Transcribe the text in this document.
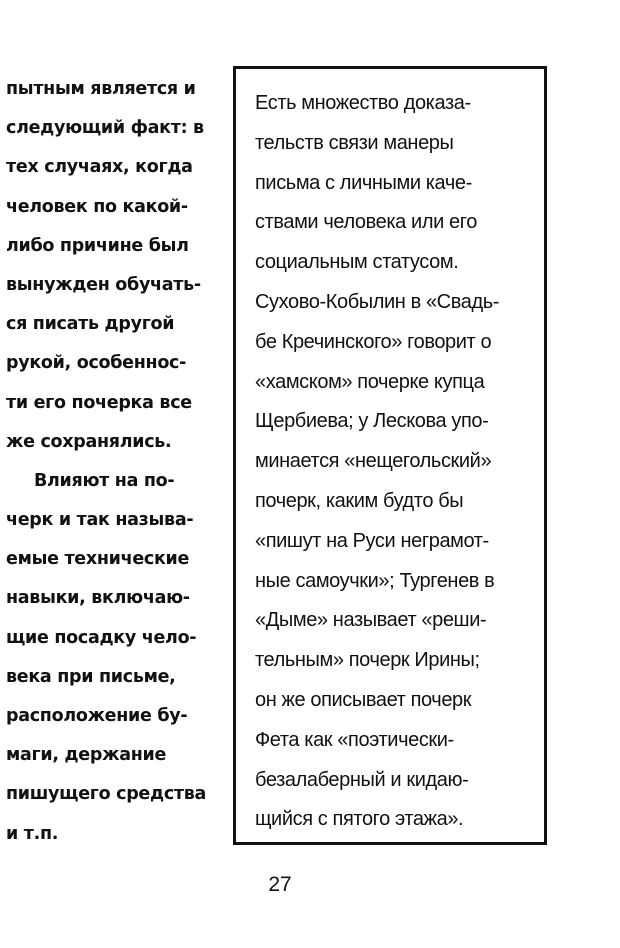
пытным является и
следующий факт: в
тех случаях, когда
человек по какой-
либо причине был
вынужден обучать-
ся писать другой
рукой, особеннос-
ти его почерка все
же сохранялись.
Влияют на по-
черк и так называ-
емые технические
навыки, включаю-
щие посадку чело-
века при письме,
расположение бу-
маги, держание
пишущего средства
и т.п.
Есть множество доказа-
тельств связи манеры
письма с личными каче-
ствами человека или его
социальным статусом.
Сухово-Кобылин в «Свадь-
бе Кречинского» говорит о
«хамском» почерке купца
Щербиева; у Лескова упо-
минается «нещегольский»
почерк, каким будто бы
«пишут на Руси неграмот-
ные самоучки»; Тургенев в
«Дыме» называет «реши-
тельным» почерк Ирины;
он же описывает почерк
Фета как «поэтически-
безалаберный и кидаю-
щийся с пятого этажа».
27
